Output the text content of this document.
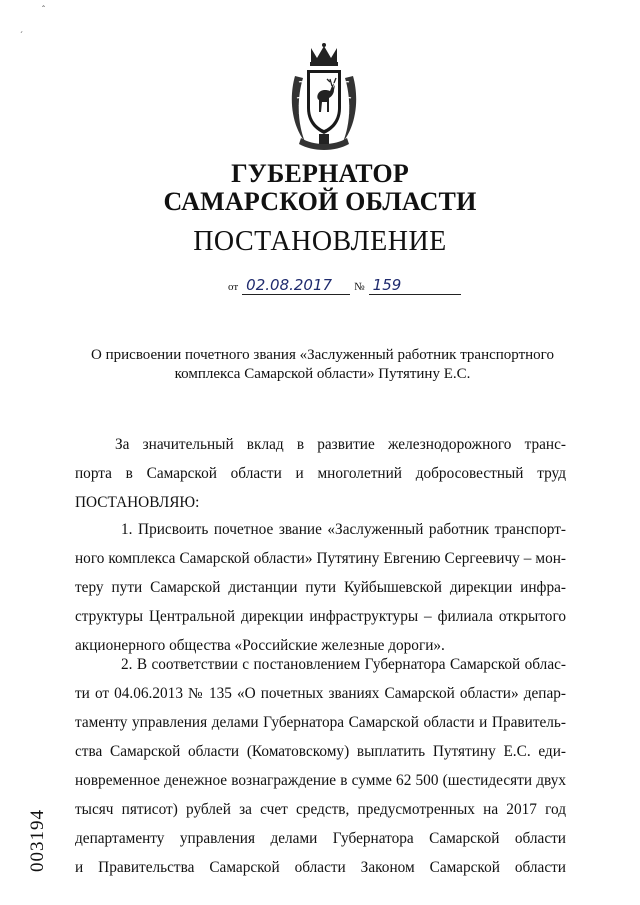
ˆ
ˊ
ГУБЕРНАТОР
САМАРСКОЙ ОБЛАСТИ
ПОСТАНОВЛЕНИЕ
от 02.08.2017 № 159
О присвоении почетного звания «Заслуженный работник транспортного комплекса Самарской области» Путятину Е.С.
За значительный вклад в развитие железнодорожного транс-
порта в Самарской области и многолетний добросовестный труд
ПОСТАНОВЛЯЮ:
1. Присвоить почетное звание «Заслуженный работник транспорт-
ного комплекса Самарской области» Путятину Евгению Сергеевичу – мон-
теру пути Самарской дистанции пути Куйбышевской дирекции инфра-
структуры Центральной дирекции инфраструктуры – филиала открытого
акционерного общества «Российские железные дороги».
2. В соответствии с постановлением Губернатора Самарской облас-
ти от 04.06.2013 № 135 «О почетных званиях Самарской области» депар-
таменту управления делами Губернатора Самарской области и Правитель-
ства Самарской области (Коматовскому) выплатить Путятину Е.С. еди-
новременное денежное вознаграждение в сумме 62 500 (шестидесяти двух
тысяч пятисот) рублей за счет средств, предусмотренных на 2017 год
департаменту управления делами Губернатора Самарской области
и Правительства Самарской области Законом Самарской области
003194
